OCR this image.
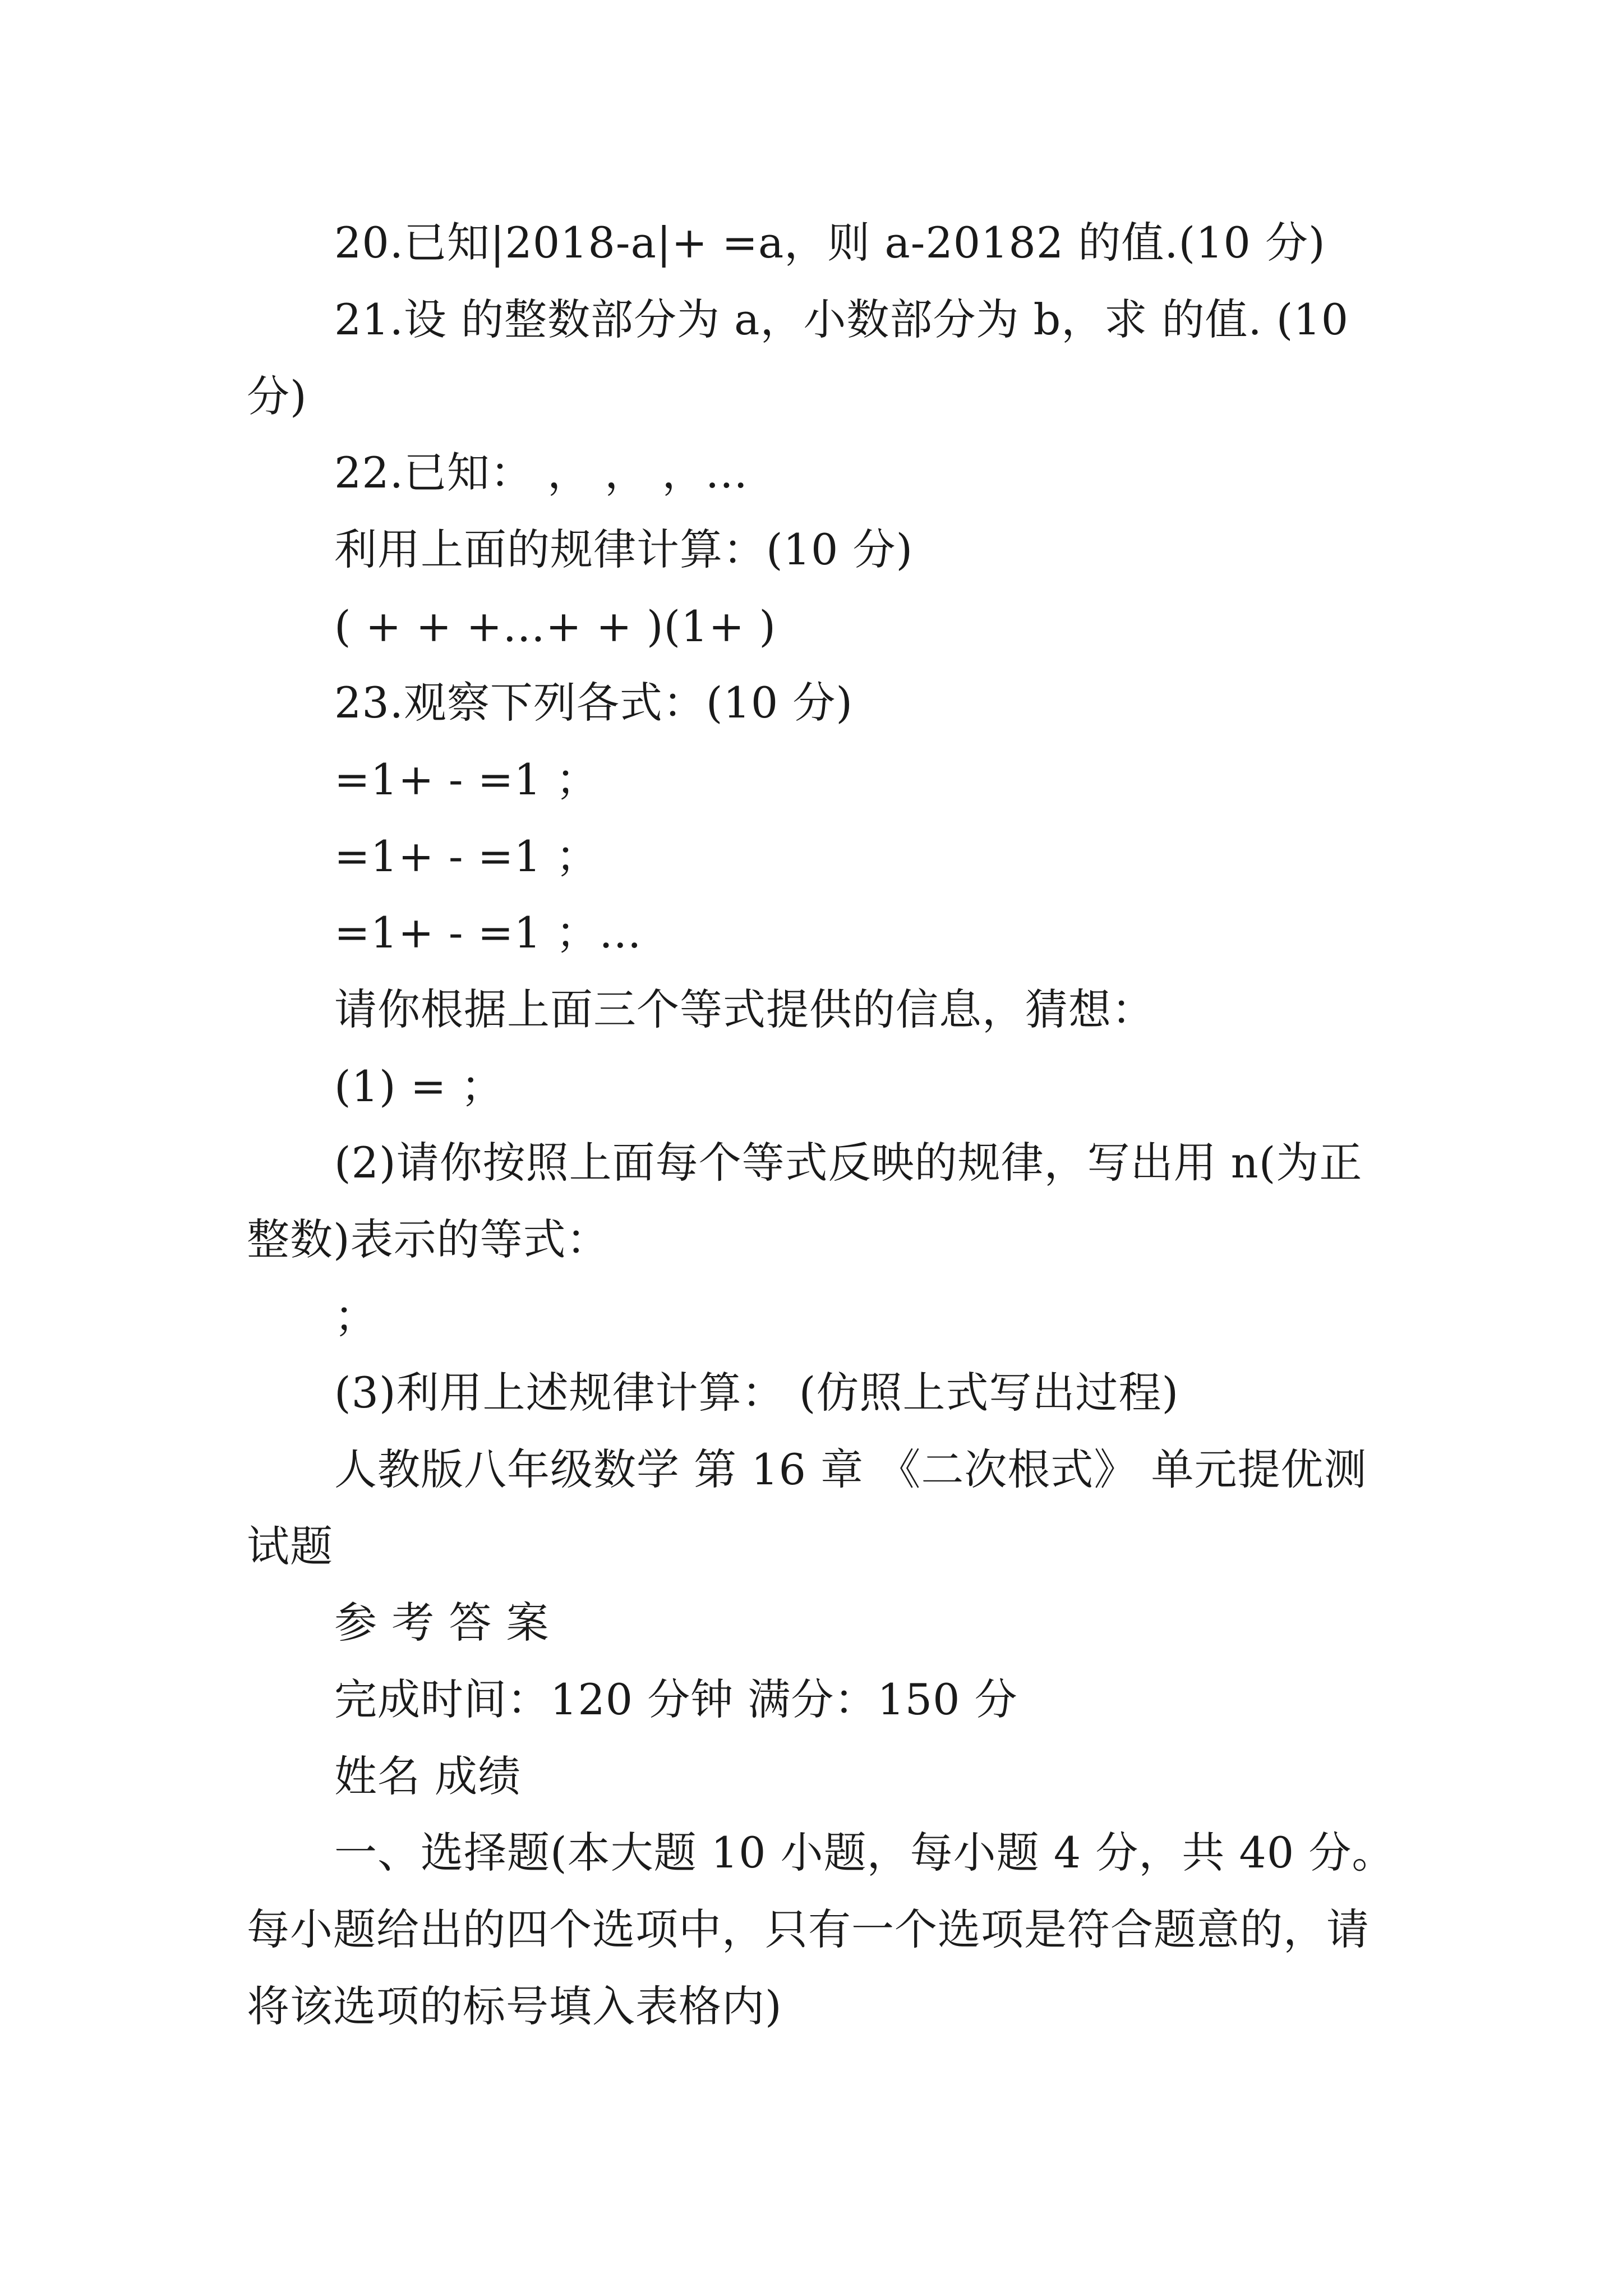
20.已知|2018-a|+ =a，则 a-20182 的值.(10 分)
21.设 的整数部分为 a，小数部分为 b，求 的值. (10
分)
22.已知： ， ， ，…
利用上面的规律计算：(10 分)
( + + +…+ + )(1+ )
23.观察下列各式：(10 分)
=1+ - =1 ；
=1+ - =1 ；
=1+ - =1 ；…
请你根据上面三个等式提供的信息，猜想：
(1) = ；
(2)请你按照上面每个等式反映的规律，写出用 n(为正
整数)表示的等式：
；
(3)利用上述规律计算： (仿照上式写出过程)
人教版八年级数学 第 16 章 《二次根式》 单元提优测
试题
参 考 答 案
完成时间：120 分钟 满分：150 分
姓名 成绩
一、选择题(本大题 10 小题，每小题 4 分，共 40 分。
每小题给出的四个选项中，只有一个选项是符合题意的，请
将该选项的标号填入表格内)
